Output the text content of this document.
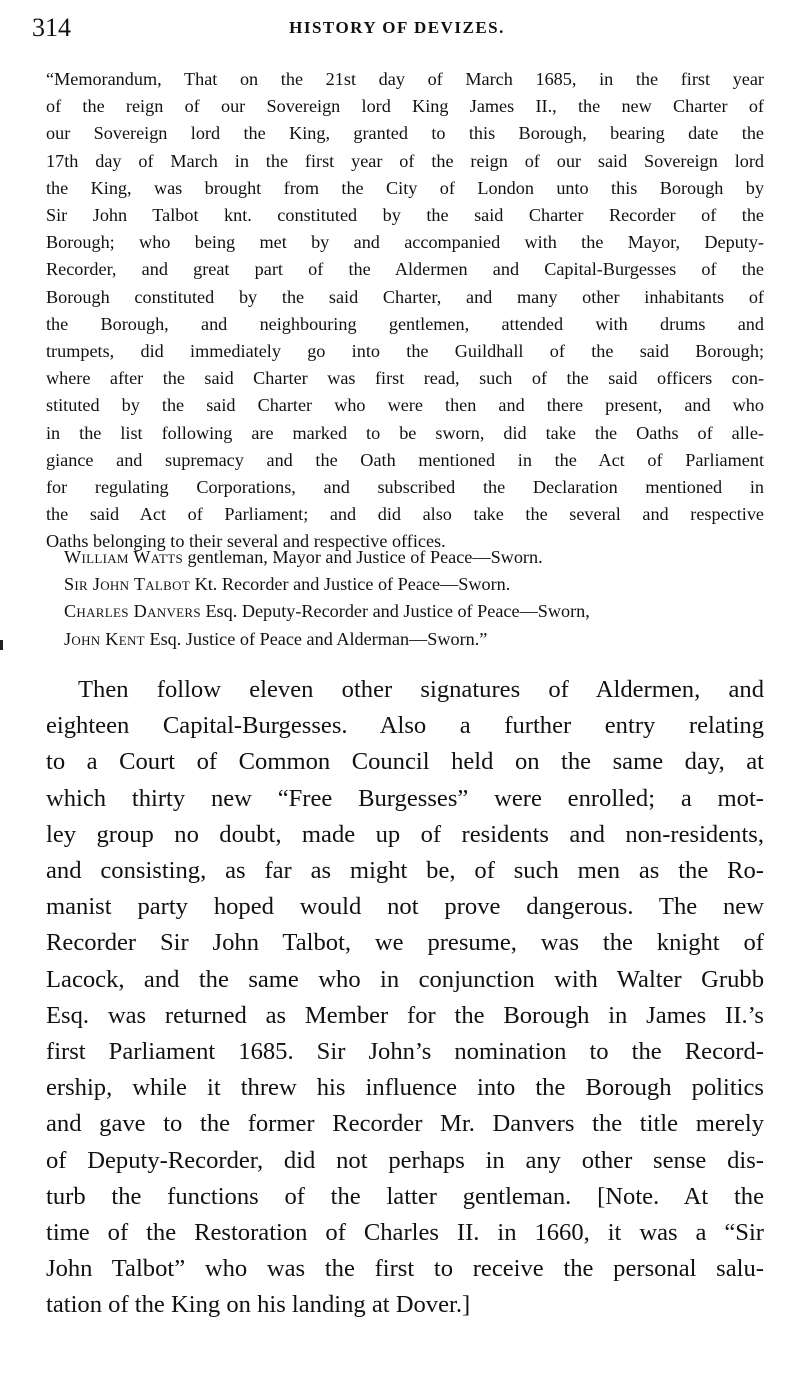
314	HISTORY OF DEVIZES.
“Memorandum, That on the 21st day of March 1685, in the first year
of the reign of our Sovereign lord King James II., the new Charter of
our Sovereign lord the King, granted to this Borough, bearing date the
17th day of March in the first year of the reign of our said Sovereign lord
the King, was brought from the City of London unto this Borough by
Sir John Talbot knt. constituted by the said Charter Recorder of the
Borough; who being met by and accompanied with the Mayor, Deputy-
Recorder, and great part of the Aldermen and Capital-Burgesses of the
Borough constituted by the said Charter, and many other inhabitants of
the Borough, and neighbouring gentlemen, attended with drums and
trumpets, did immediately go into the Guildhall of the said Borough;
where after the said Charter was first read, such of the said officers con-
stituted by the said Charter who were then and there present, and who
in the list following are marked to be sworn, did take the Oaths of alle-
giance and supremacy and the Oath mentioned in the Act of Parliament
for regulating Corporations, and subscribed the Declaration mentioned in
the said Act of Parliament; and did also take the several and respective
Oaths belonging to their several and respective offices.
William Watts gentleman, Mayor and Justice of Peace—Sworn.
Sir John Talbot Kt. Recorder and Justice of Peace—Sworn.
Charles Danvers Esq. Deputy-Recorder and Justice of Peace—Sworn,
John Kent Esq. Justice of Peace and Alderman—Sworn.”
Then follow eleven other signatures of Aldermen, and
eighteen Capital-Burgesses. Also a further entry relating
to a Court of Common Council held on the same day, at
which thirty new “Free Burgesses” were enrolled; a mot-
ley group no doubt, made up of residents and non-residents,
and consisting, as far as might be, of such men as the Ro-
manist party hoped would not prove dangerous. The new
Recorder Sir John Talbot, we presume, was the knight of
Lacock, and the same who in conjunction with Walter Grubb
Esq. was returned as Member for the Borough in James II.’s
first Parliament 1685. Sir John’s nomination to the Record-
ership, while it threw his influence into the Borough politics
and gave to the former Recorder Mr. Danvers the title merely
of Deputy-Recorder, did not perhaps in any other sense dis-
turb the functions of the latter gentleman. [Note. At the
time of the Restoration of Charles II. in 1660, it was a “Sir
John Talbot” who was the first to receive the personal salu-
tation of the King on his landing at Dover.]
